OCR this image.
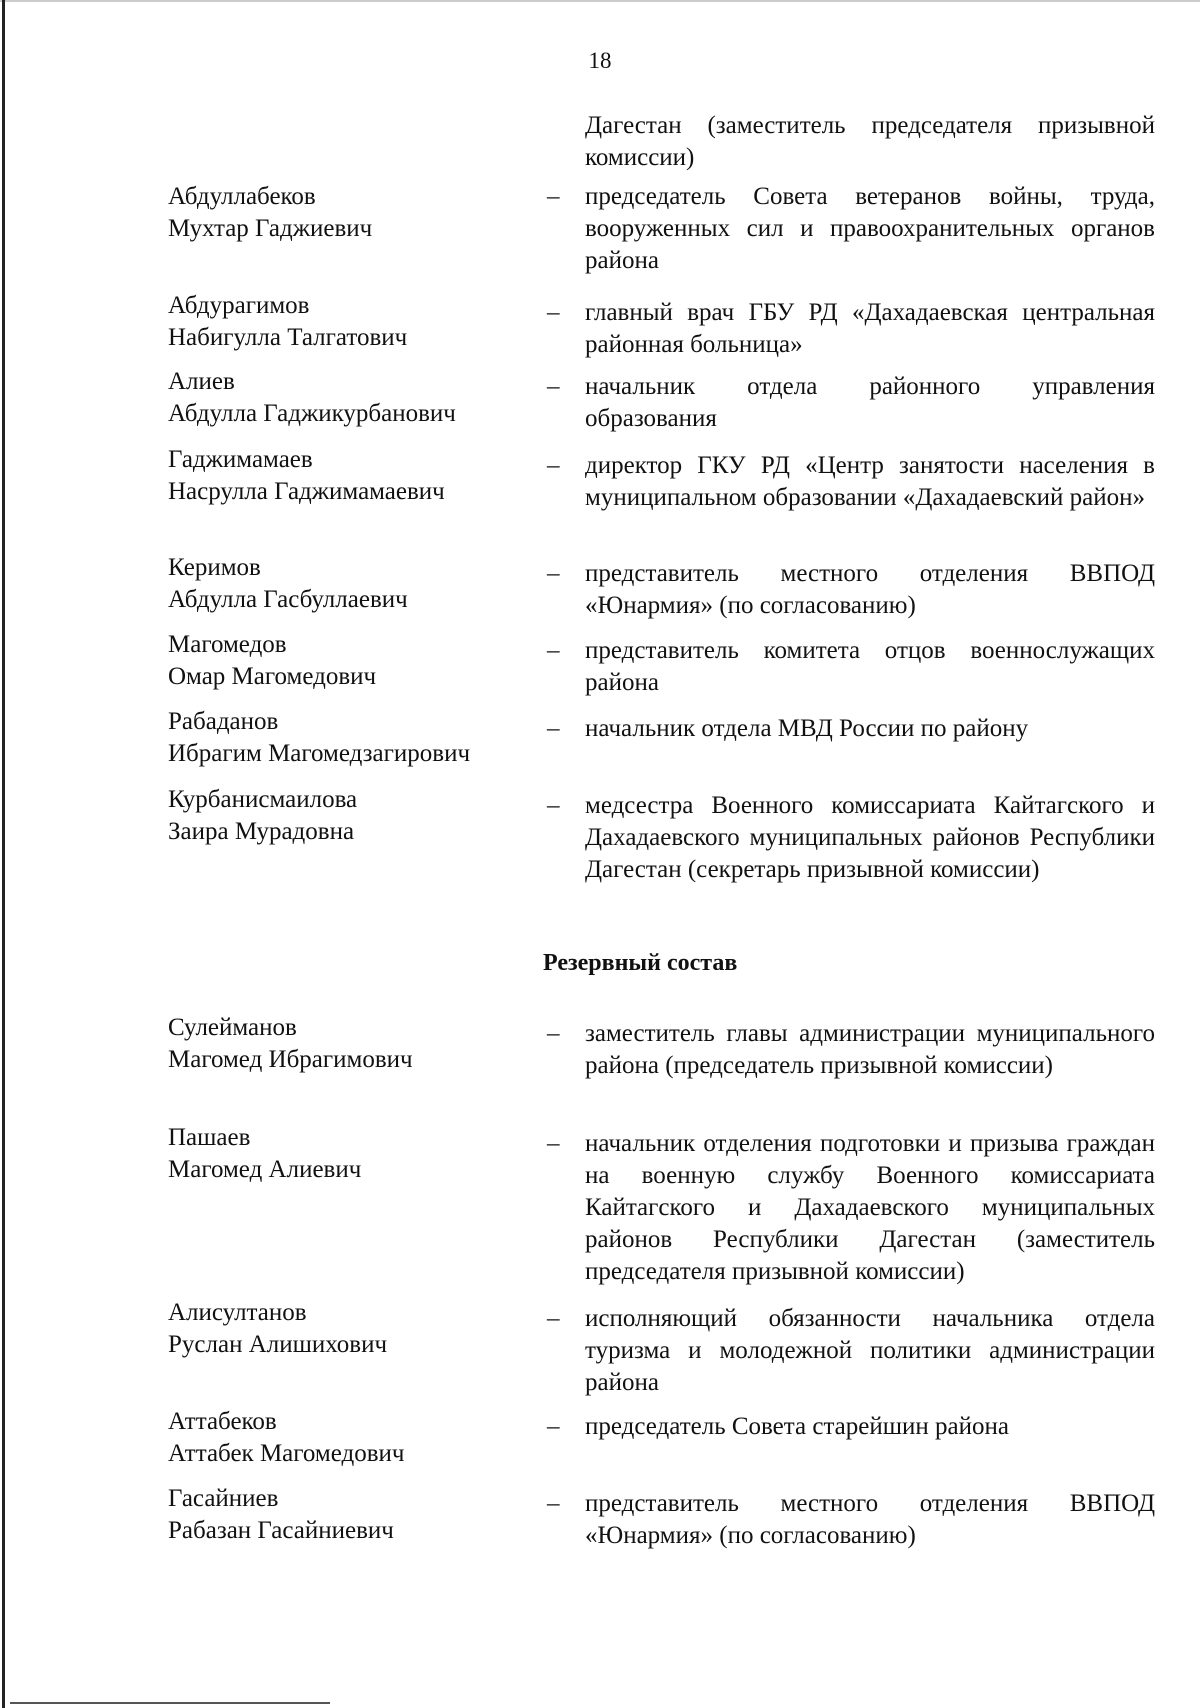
18
Дагестан (заместитель председателя призывной комиссии)
Абдуллабеков
Мухтар Гаджиевич
– председатель Совета ветеранов войны, труда, вооруженных сил и правоохранительных органов района
Абдурагимов
Набигулла Талгатович
– главный врач ГБУ РД «Дахадаевская центральная районная больница»
Алиев
Абдулла Гаджикурбанович
– начальник отдела районного управления образования
Гаджимамаев
Насрулла Гаджимамаевич
– директор ГКУ РД «Центр занятости населения в муниципальном образовании «Дахадаевский район»
Керимов
Абдулла Гасбуллаевич
– представитель местного отделения ВВПОД «Юнармия» (по согласованию)
Магомедов
Омар Магомедович
– представитель комитета отцов военнослужащих района
Рабаданов
Ибрагим Магомедзагирович
– начальник отдела МВД России по району
Курбанисмаилова
Заира Мурадовна
– медсестра Военного комиссариата Кайтагского и Дахадаевского муниципальных районов Республики Дагестан (секретарь призывной комиссии)
Резервный состав
Сулейманов
Магомед Ибрагимович
– заместитель главы администрации муниципального района (председатель призывной комиссии)
Пашаев
Магомед Алиевич
– начальник отделения подготовки и призыва граждан на военную службу Военного комиссариата Кайтагского и Дахадаевского муниципальных районов Республики Дагестан (заместитель председателя призывной комиссии)
Алисултанов
Руслан Алишихович
– исполняющий обязанности начальника отдела туризма и молодежной политики администрации района
Аттабеков
Аттабек Магомедович
– председатель Совета старейшин района
Гасайниев
Рабазан Гасайниевич
– представитель местного отделения ВВПОД «Юнармия» (по согласованию)
